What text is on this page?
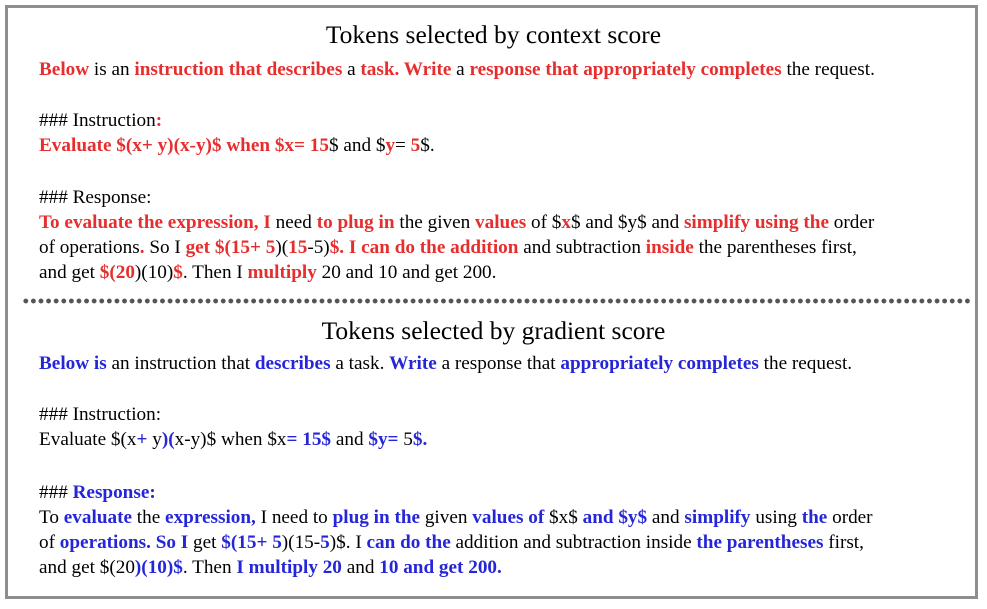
Tokens selected by context score
Below is an instruction that describes a task. Write a response that appropriately completes the request.
### Instruction:
Evaluate $(x+ y)(x-y)$ when $x= 15$ and $y= 5$.
### Response:
To evaluate the expression, I need to plug in the given values of $x$ and $y$ and simplify using the order
of operations. So I get $(15+ 5)(15-5)$. I can do the addition and subtraction inside the parentheses first,
and get $(20)(10)$. Then I multiply 20 and 10 and get 200.
Tokens selected by gradient score
Below is an instruction that describes a task. Write a response that appropriately completes the request.
### Instruction:
Evaluate $(x+ y)(x-y)$ when $x= 15$ and $y= 5$.
### Response:
To evaluate the expression, I need to plug in the given values of $x$ and $y$ and simplify using the order
of operations. So I get $(15+ 5)(15-5)$. I can do the addition and subtraction inside the parentheses first,
and get $(20)(10)$. Then I multiply 20 and 10 and get 200.
